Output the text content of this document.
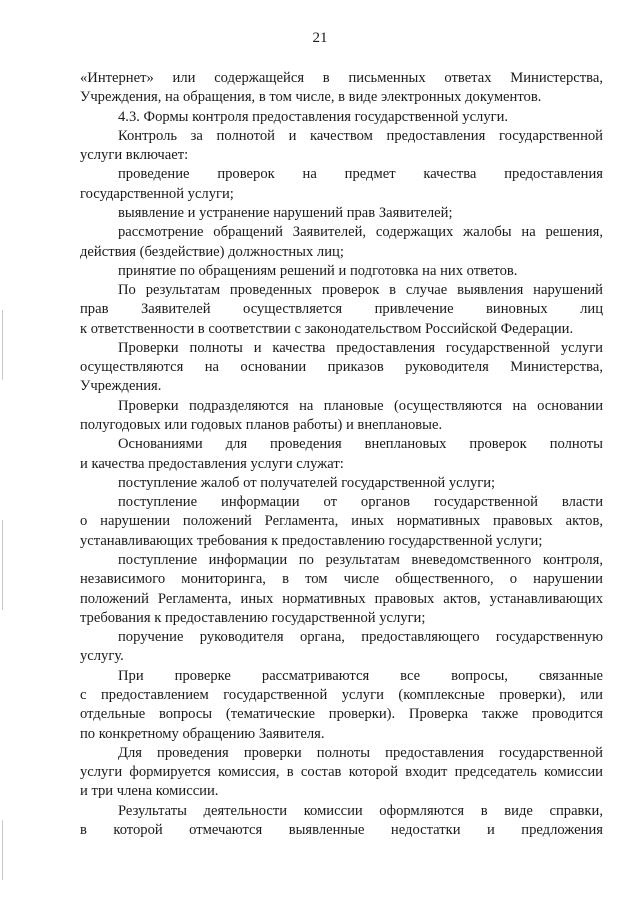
21
«Интернет» или содержащейся в письменных ответах Министерства,
Учреждения, на обращения, в том числе, в виде электронных документов.
4.3. Формы контроля предоставления государственной услуги.
Контроль за полнотой и качеством предоставления государственной
услуги включает:
проведение проверок на предмет качества предоставления
государственной услуги;
выявление и устранение нарушений прав Заявителей;
рассмотрение обращений Заявителей, содержащих жалобы на решения,
действия (бездействие) должностных лиц;
принятие по обращениям решений и подготовка на них ответов.
По результатам проведенных проверок в случае выявления нарушений
прав Заявителей осуществляется привлечение виновных лиц
к ответственности в соответствии с законодательством Российской Федерации.
Проверки полноты и качества предоставления государственной услуги
осуществляются на основании приказов руководителя Министерства,
Учреждения.
Проверки подразделяются на плановые (осуществляются на основании
полугодовых или годовых планов работы) и внеплановые.
Основаниями для проведения внеплановых проверок полноты
и качества предоставления услуги служат:
поступление жалоб от получателей государственной услуги;
поступление информации от органов государственной власти
о нарушении положений Регламента, иных нормативных правовых актов,
устанавливающих требования к предоставлению государственной услуги;
поступление информации по результатам вневедомственного контроля,
независимого мониторинга, в том числе общественного, о нарушении
положений Регламента, иных нормативных правовых актов, устанавливающих
требования к предоставлению государственной услуги;
поручение руководителя органа, предоставляющего государственную
услугу.
При проверке рассматриваются все вопросы, связанные
с предоставлением государственной услуги (комплексные проверки), или
отдельные вопросы (тематические проверки). Проверка также проводится
по конкретному обращению Заявителя.
Для проведения проверки полноты предоставления государственной
услуги формируется комиссия, в состав которой входит председатель комиссии
и три члена комиссии.
Результаты деятельности комиссии оформляются в виде справки,
в которой отмечаются выявленные недостатки и предложения
